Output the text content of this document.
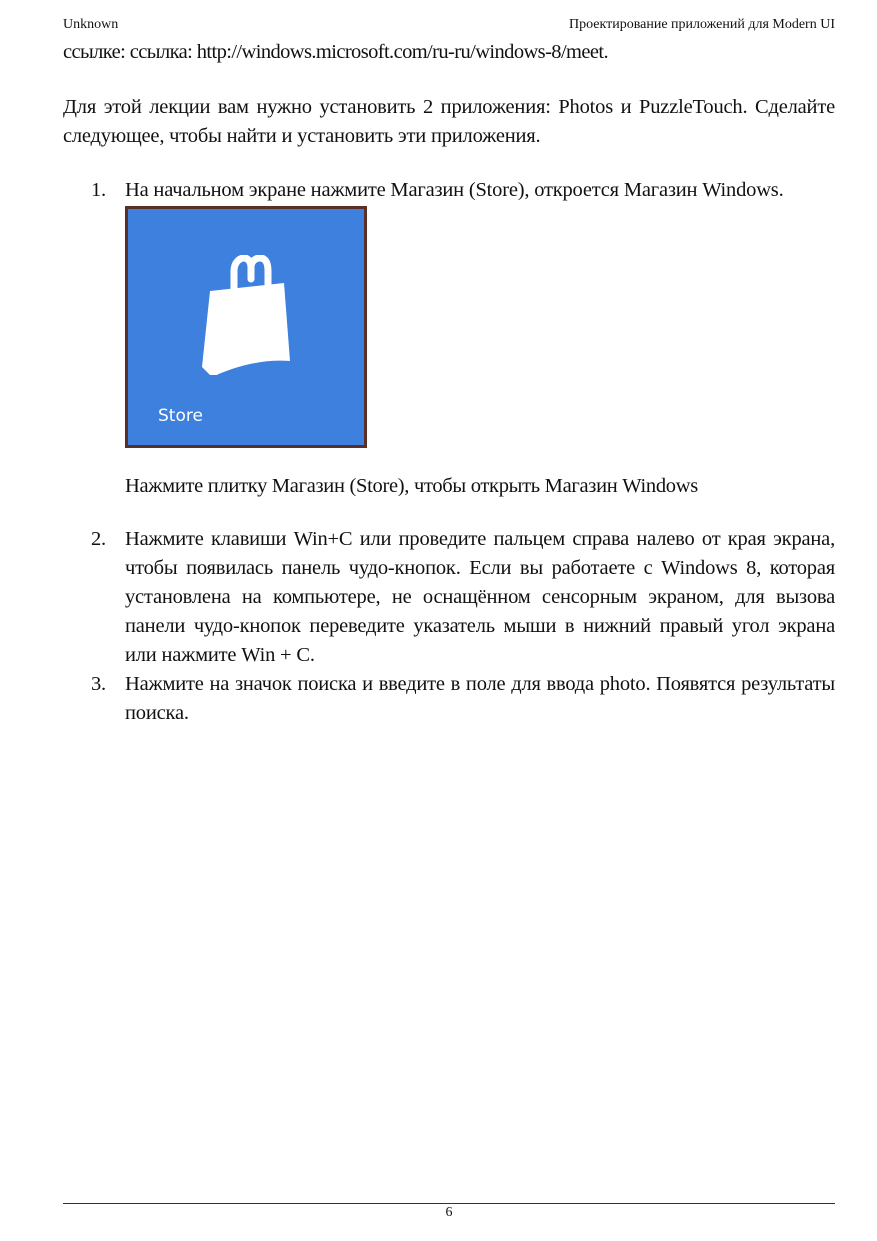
Unknown	Проектирование приложений для Modern UI

ссылке: ссылка: http://windows.microsoft.com/ru-ru/windows-8/meet.

Для этой лекции вам нужно установить 2 приложения: Photos и PuzzleTouch. Сделайте следующее, чтобы найти и установить эти приложения.

1. На начальном экране нажмите Магазин (Store), откроется Магазин Windows.
Store
Нажмите плитку Магазин (Store), чтобы открыть Магазин Windows
2. Нажмите клавиши Win+C или проведите пальцем справа налево от края экрана, чтобы появилась панель чудо-кнопок. Если вы работаете с Windows 8, которая установлена на компьютере, не оснащённом сенсорным экраном, для вызова панели чудо-кнопок переведите указатель мыши в нижний правый угол экрана или нажмите Win + C.
3. Нажмите на значок поиска и введите в поле для ввода photo. Появятся результаты поиска.
6
